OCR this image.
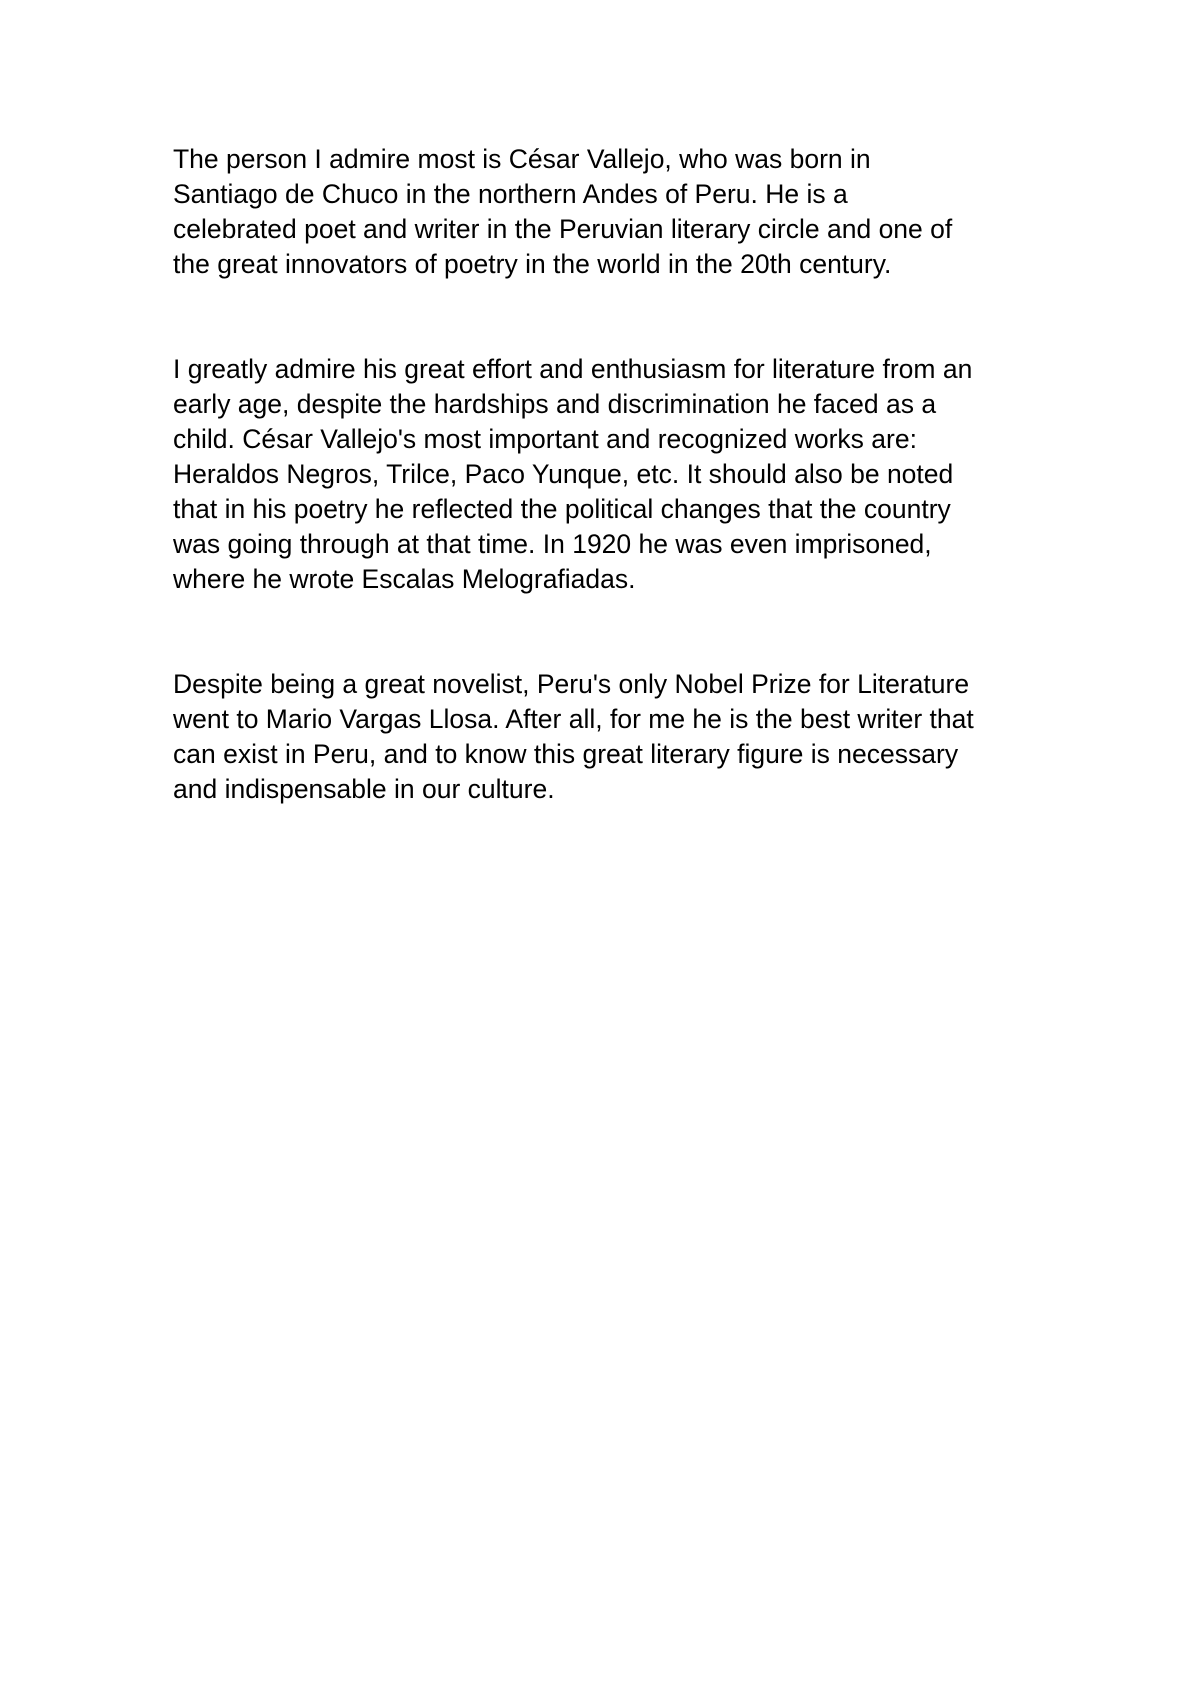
The person I admire most is César Vallejo, who was born in
Santiago de Chuco in the northern Andes of Peru. He is a
celebrated poet and writer in the Peruvian literary circle and one of
the great innovators of poetry in the world in the 20th century.

I greatly admire his great effort and enthusiasm for literature from an
early age, despite the hardships and discrimination he faced as a
child. César Vallejo's most important and recognized works are:
Heraldos Negros, Trilce, Paco Yunque, etc. It should also be noted
that in his poetry he reflected the political changes that the country
was going through at that time. In 1920 he was even imprisoned,
where he wrote Escalas Melografiadas.

Despite being a great novelist, Peru's only Nobel Prize for Literature
went to Mario Vargas Llosa. After all, for me he is the best writer that
can exist in Peru, and to know this great literary figure is necessary
and indispensable in our culture.
